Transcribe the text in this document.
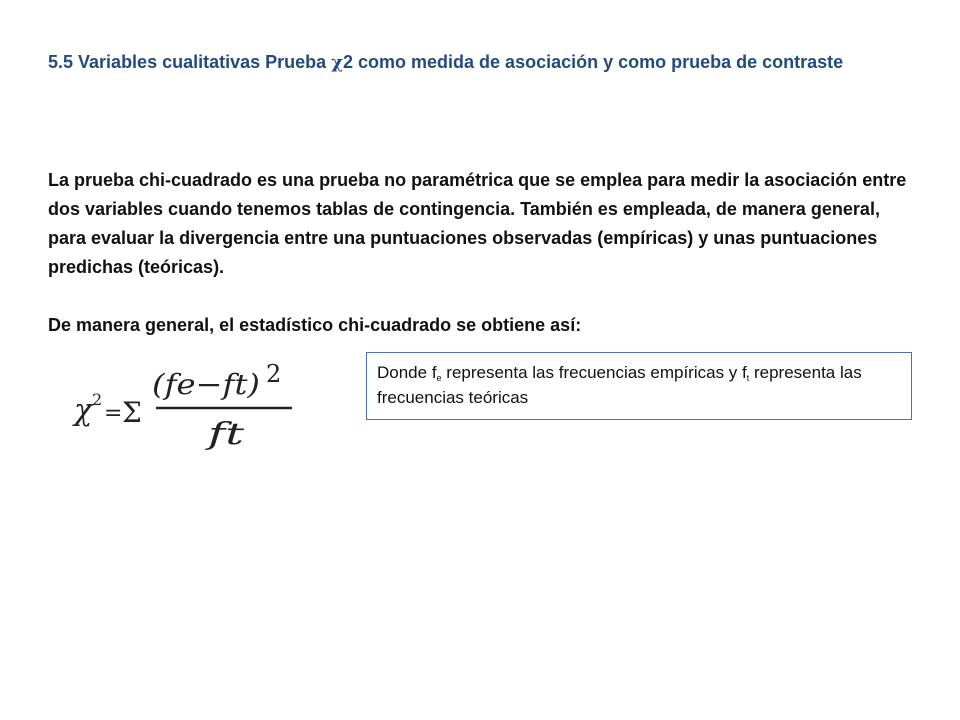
5.5 Variables cualitativas Prueba χ2 como medida de asociación y como prueba de contraste

La prueba chi-cuadrado es una prueba no paramétrica que se emplea para medir la asociación entre dos variables cuando tenemos tablas de contingencia. También es empleada, de manera general, para evaluar la divergencia entre una puntuaciones observadas (empíricas) y unas puntuaciones predichas (teóricas).

De manera general, el estadístico chi-cuadrado se obtiene así:

χ 2
= Σ
(fe−ft) 2
ft
Donde $f_e$ representa las frecuencias empíricas y $f_t$ representa las frecuencias teóricas
